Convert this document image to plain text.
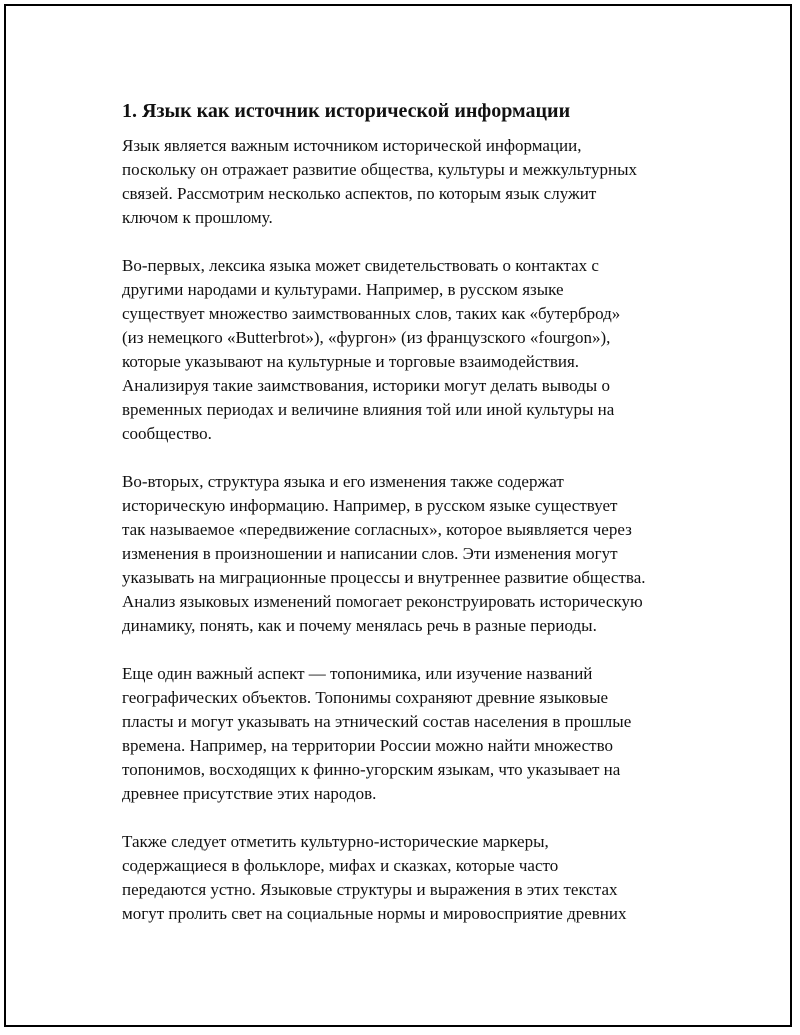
1. Язык как источник исторической информации

Язык является важным источником исторической информации,
поскольку он отражает развитие общества, культуры и межкультурных
связей. Рассмотрим несколько аспектов, по которым язык служит
ключом к прошлому.

Во-первых, лексика языка может свидетельствовать о контактах с
другими народами и культурами. Например, в русском языке
существует множество заимствованных слов, таких как «бутерброд»
(из немецкого «Butterbrot»), «фургон» (из французского «fourgon»),
которые указывают на культурные и торговые взаимодействия.
Анализируя такие заимствования, историки могут делать выводы о
временных периодах и величине влияния той или иной культуры на
сообщество.

Во-вторых, структура языка и его изменения также содержат
историческую информацию. Например, в русском языке существует
так называемое «передвижение согласных», которое выявляется через
изменения в произношении и написании слов. Эти изменения могут
указывать на миграционные процессы и внутреннее развитие общества.
Анализ языковых изменений помогает реконструировать историческую
динамику, понять, как и почему менялась речь в разные периоды.

Еще один важный аспект — топонимика, или изучение названий
географических объектов. Топонимы сохраняют древние языковые
пласты и могут указывать на этнический состав населения в прошлые
времена. Например, на территории России можно найти множество
топонимов, восходящих к финно-угорским языкам, что указывает на
древнее присутствие этих народов.

Также следует отметить культурно-исторические маркеры,
содержащиеся в фольклоре, мифах и сказках, которые часто
передаются устно. Языковые структуры и выражения в этих текстах
могут пролить свет на социальные нормы и мировосприятие древних
